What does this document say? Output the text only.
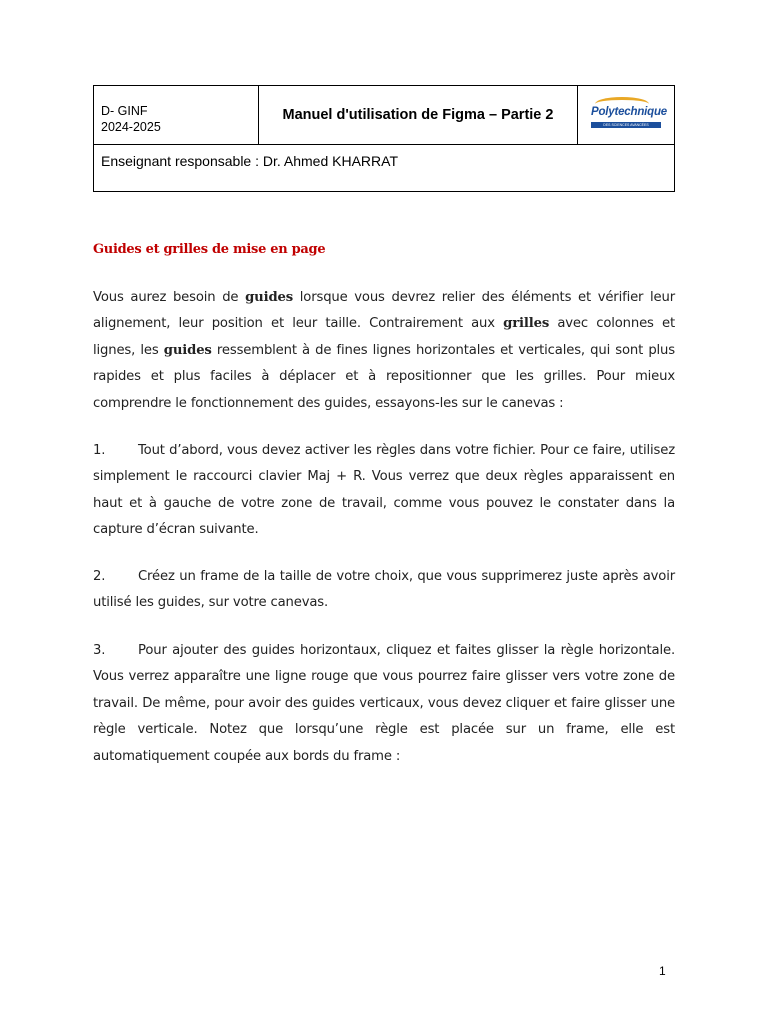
D- GINF
2024-2025
Manuel d'utilisation de Figma – Partie 2	Polytechnique
DES SCIENCES AVANCÉES
Enseignant responsable : Dr. Ahmed KHARRAT
Guides et grilles de mise en page

Vous aurez besoin de guides lorsque vous devrez relier des éléments et vérifier leur alignement, leur position et leur taille. Contrairement aux grilles avec colonnes et lignes, les guides ressemblent à de fines lignes horizontales et verticales, qui sont plus rapides et plus faciles à déplacer et à repositionner que les grilles. Pour mieux comprendre le fonctionnement des guides, essayons-les sur le canevas :

1. Tout d’abord, vous devez activer les règles dans votre fichier. Pour ce faire, utilisez simplement le raccourci clavier Maj + R. Vous verrez que deux règles apparaissent en haut et à gauche de votre zone de travail, comme vous pouvez le constater dans la capture d’écran suivante.

2. Créez un frame de la taille de votre choix, que vous supprimerez juste après avoir utilisé les guides, sur votre canevas.

3. Pour ajouter des guides horizontaux, cliquez et faites glisser la règle horizontale. Vous verrez apparaître une ligne rouge que vous pourrez faire glisser vers votre zone de travail. De même, pour avoir des guides verticaux, vous devez cliquer et faire glisser une règle verticale. Notez que lorsqu’une règle est placée sur un frame, elle est automatiquement coupée aux bords du frame :

1
